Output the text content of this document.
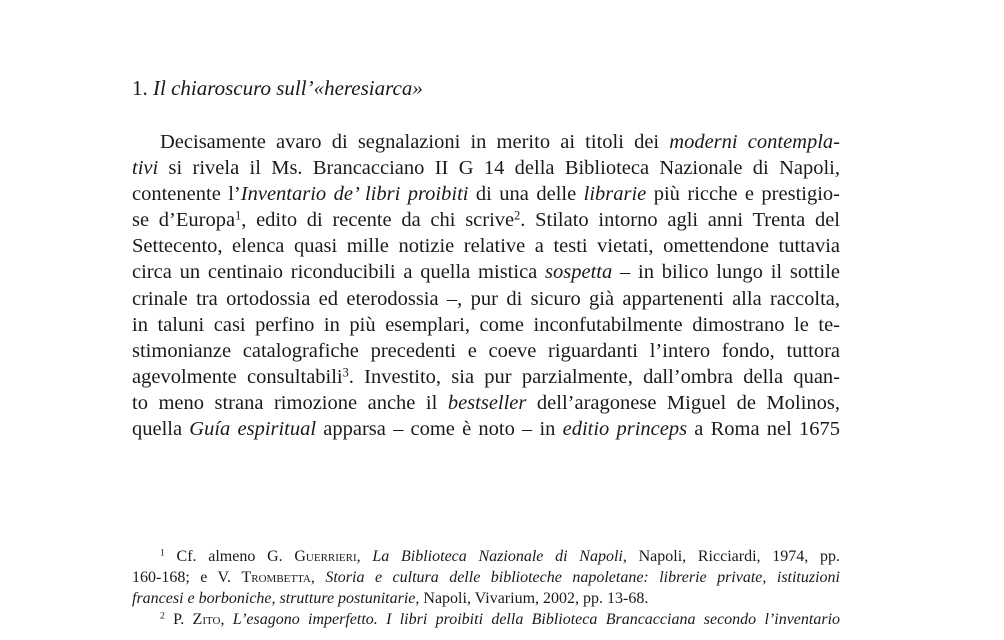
1. Il chiaroscuro sull’«heresiarca»
Decisamente avaro di segnalazioni in merito ai titoli dei moderni contempla-
tivi si rivela il Ms. Brancacciano II G 14 della Biblioteca Nazionale di Napoli,
contenente l’Inventario de’ libri proibiti di una delle librarie più ricche e prestigio-
se d’Europa$^1$, edito di recente da chi scrive$^2$. Stilato intorno agli anni Trenta del
Settecento, elenca quasi mille notizie relative a testi vietati, omettendone tuttavia
circa un centinaio riconducibili a quella mistica sospetta – in bilico lungo il sottile
crinale tra ortodossia ed eterodossia –, pur di sicuro già appartenenti alla raccolta,
in taluni casi perfino in più esemplari, come inconfutabilmente dimostrano le te-
stimonianze catalografiche precedenti e coeve riguardanti l’intero fondo, tuttora
agevolmente consultabili$^3$. Investito, sia pur parzialmente, dall’ombra della quan-
to meno strana rimozione anche il bestseller dell’aragonese Miguel de Molinos,
quella Guía espiritual apparsa – come è noto – in editio princeps a Roma nel 1675
$^1$ Cf. almeno G. Guerrieri, La Biblioteca Nazionale di Napoli, Napoli, Ricciardi, 1974, pp.
160-168; e V. Trombetta, Storia e cultura delle biblioteche napoletane: librerie private, istituzioni
francesi e borboniche, strutture postunitarie, Napoli, Vivarium, 2002, pp. 13-68.
$^2$ P. Zito, L’esagono imperfetto. I libri proibiti della Biblioteca Brancacciana secondo l’inventario
